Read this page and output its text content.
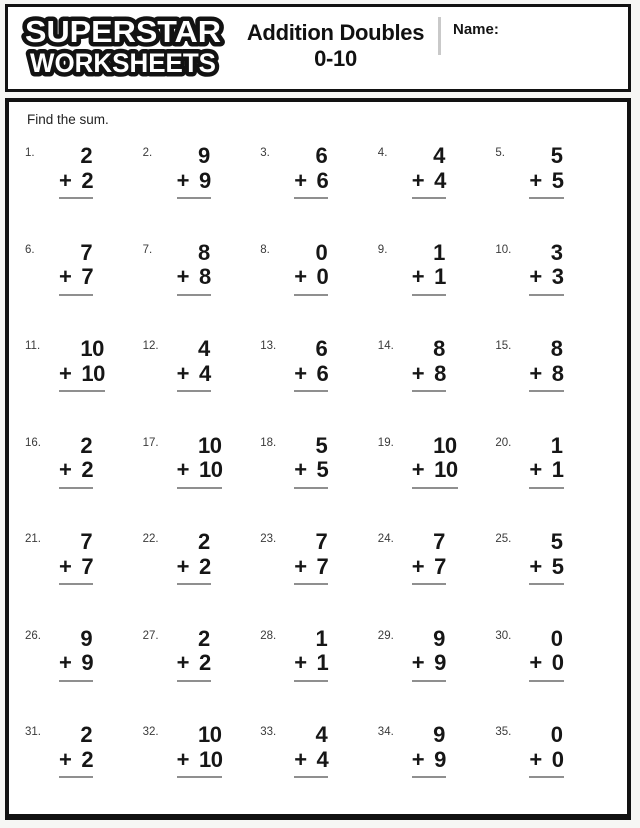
SUPERSTAR
WORKSHEETS
Addition Doubles
0-10
Name:
Find the sum.
1.	2
+ 2
2.	9
+ 9
3.	6
+ 6
4.	4
+ 4
5.	5
+ 5
6.	7
+ 7
7.	8
+ 8
8.	0
+ 0
9.	1
+ 1
10.	3
+ 3
11.	10
+ 10
12.	4
+ 4
13.	6
+ 6
14.	8
+ 8
15.	8
+ 8
16.	2
+ 2
17.	10
+ 10
18.	5
+ 5
19.	10
+ 10
20.	1
+ 1
21.	7
+ 7
22.	2
+ 2
23.	7
+ 7
24.	7
+ 7
25.	5
+ 5
26.	9
+ 9
27.	2
+ 2
28.	1
+ 1
29.	9
+ 9
30.	0
+ 0
31.	2
+ 2
32.	10
+ 10
33.	4
+ 4
34.	9
+ 9
35.	0
+ 0
